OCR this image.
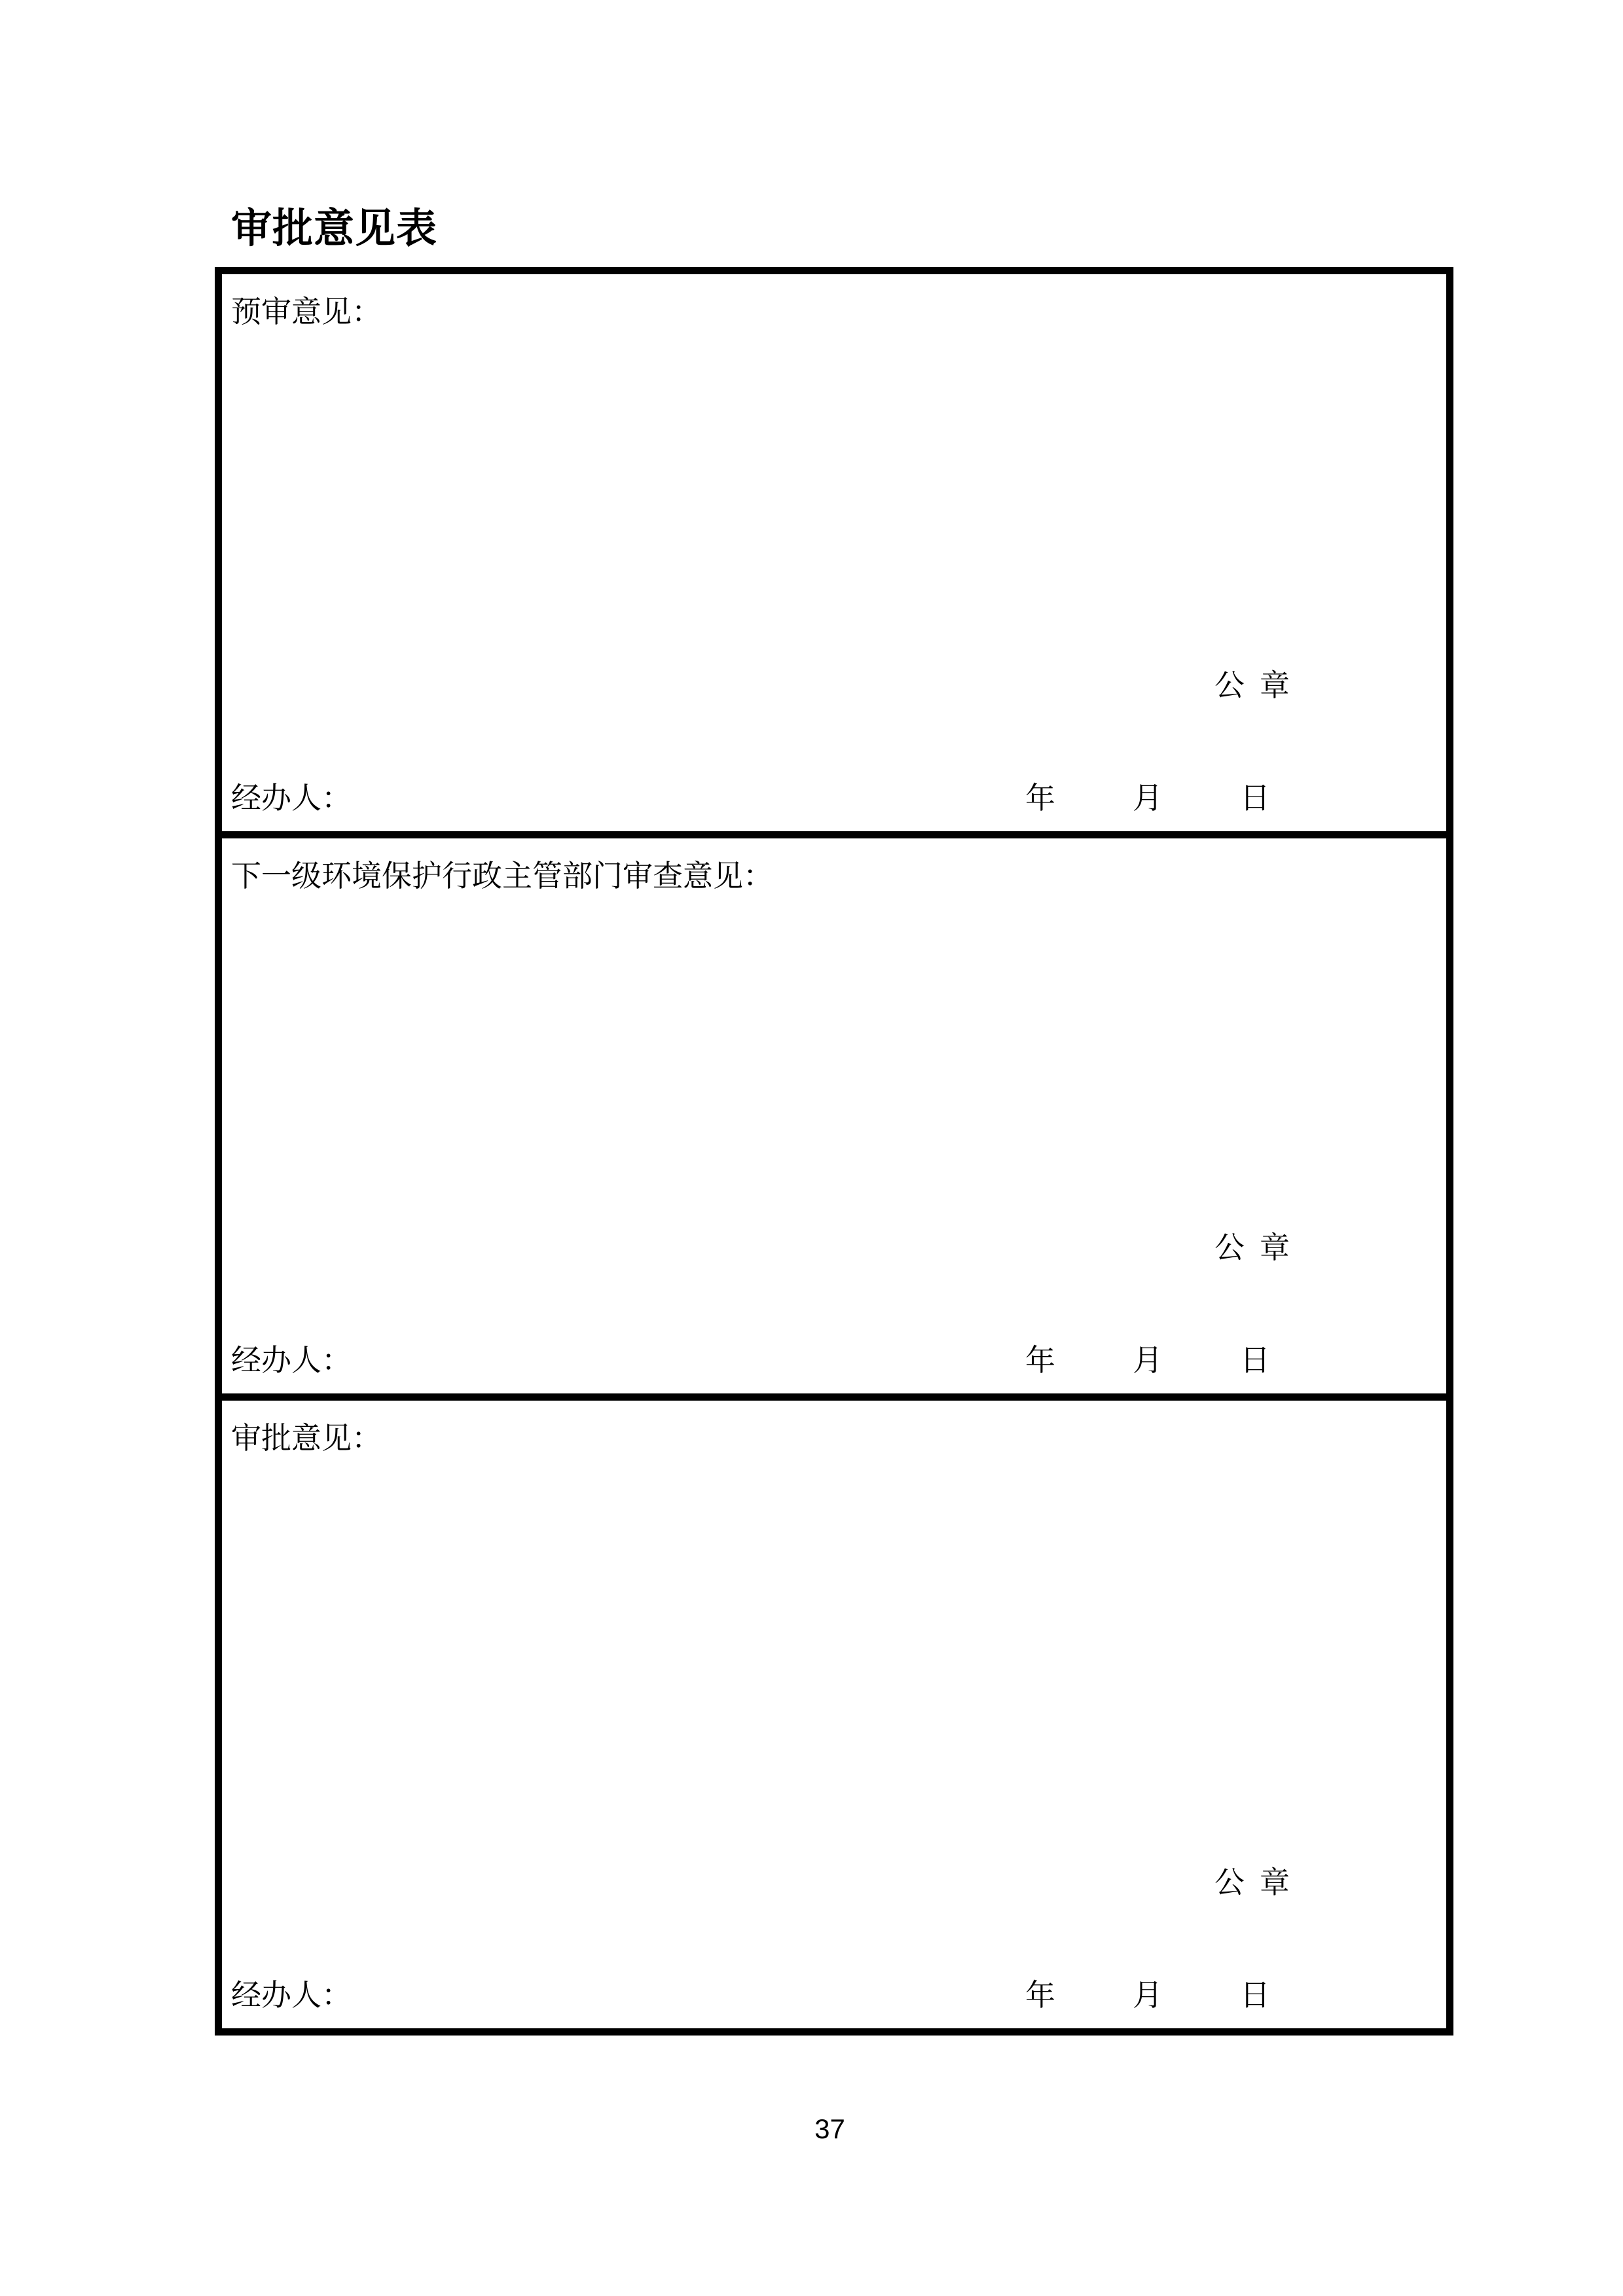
审批意见表
预审意见：

公  章

经办人：	年	月	日
下一级环境保护行政主管部门审查意见：

公  章

经办人：	年	月	日
审批意见：

公  章

经办人：	年	月	日
37
